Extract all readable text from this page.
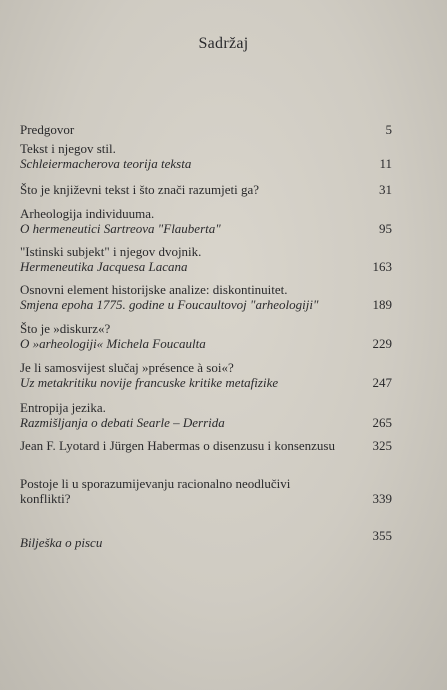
Sadržaj
Predgovor	5
Tekst i njegov stil.
Schleiermacherova teorija teksta	11
Što je književni tekst i što znači razumjeti ga?	31
Arheologija individuuma.
O hermeneutici Sartreova "Flauberta"	95
"Istinski subjekt" i njegov dvojnik.
Hermeneutika Jacquesa Lacana	163
Osnovni element historijske analize: diskontinuitet.
Smjena epoha 1775. godine u Foucaultovoj "arheologiji"	189
Što je »diskurz«?
O »arheologiji« Michela Foucaulta	229
Je li samosvijest slučaj »présence à soi«?
Uz metakritiku novije francuske kritike metafizike	247
Entropija jezika.
Razmišljanja o debati Searle – Derrida	265
Jean F. Lyotard i Jürgen Habermas o disenzusu i konsenzusu	325
Postoje li u sporazumijevanju racionalno neodlučivi konflikti?	339
Bilješka o piscu	355
